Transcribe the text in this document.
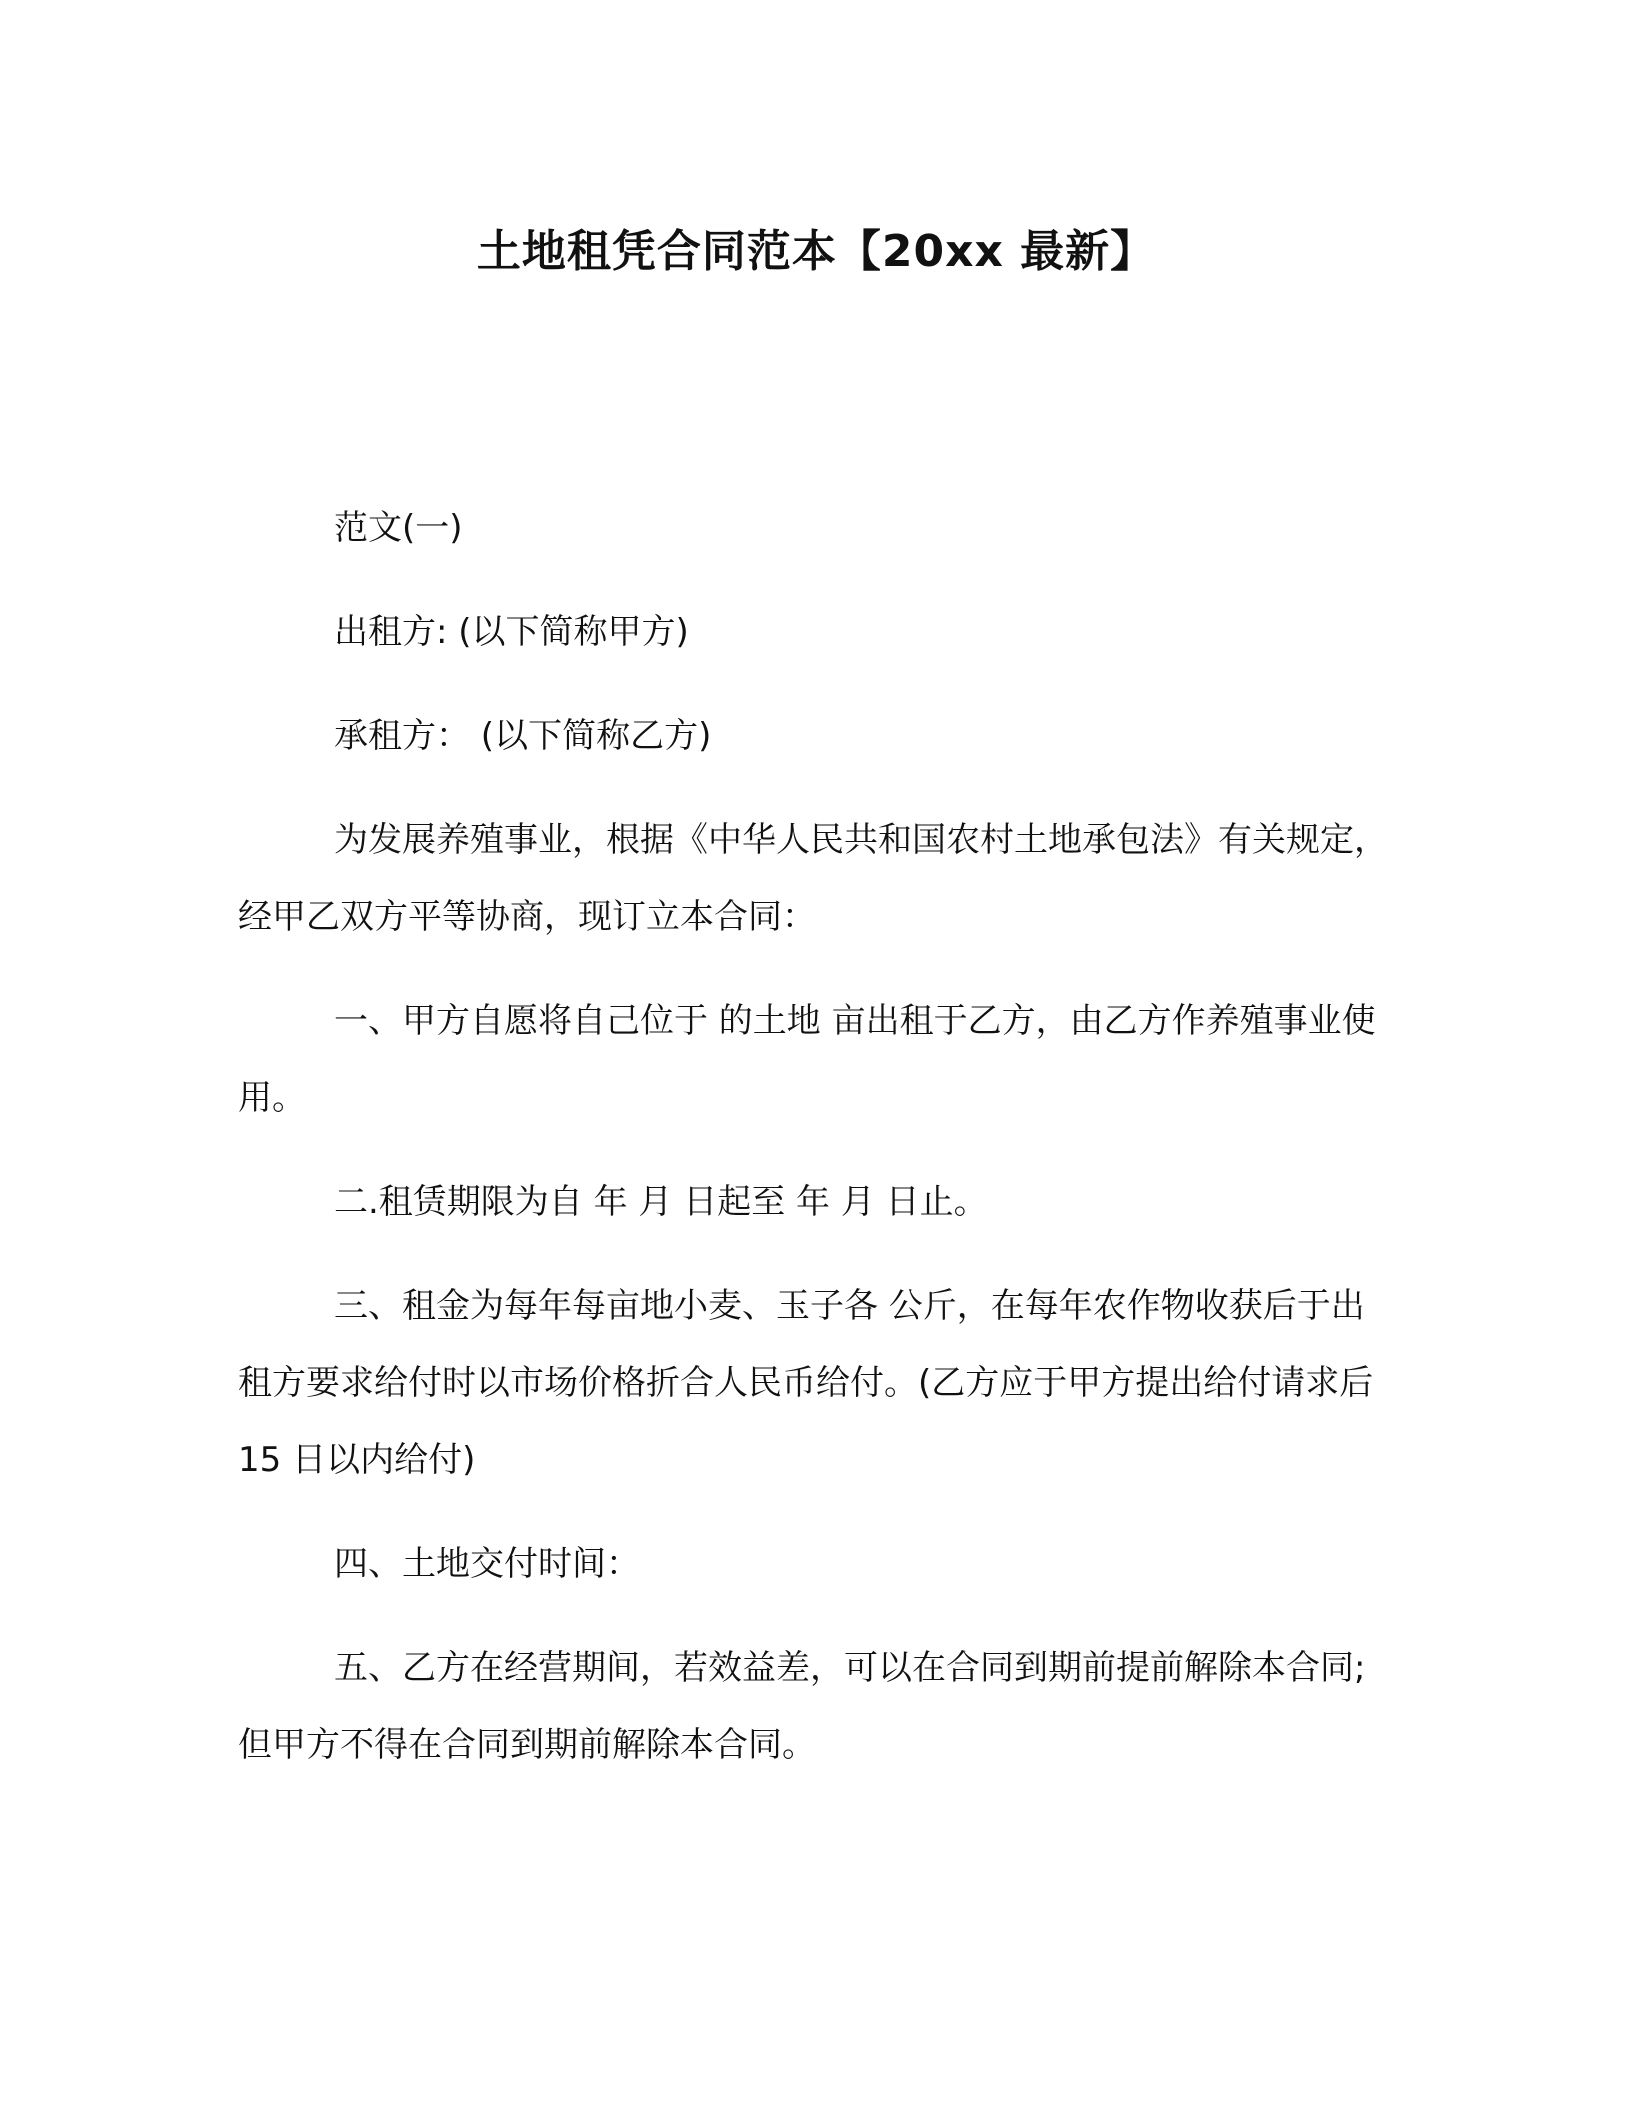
土地租凭合同范本【20xx 最新】

范文(一)

出租方: (以下简称甲方)

承租方： (以下简称乙方)

为发展养殖事业，根据《中华人民共和国农村土地承包法》有关规定，经甲乙双方平等协商，现订立本合同：

一、甲方自愿将自己位于 的土地 亩出租于乙方，由乙方作养殖事业使用。

二.租赁期限为自 年 月 日起至 年 月 日止。

三、租金为每年每亩地小麦、玉子各 公斤，在每年农作物收获后于出租方要求给付时以市场价格折合人民币给付。(乙方应于甲方提出给付请求后 15 日以内给付)

四、土地交付时间：

五、乙方在经营期间，若效益差，可以在合同到期前提前解除本合同;但甲方不得在合同到期前解除本合同。
